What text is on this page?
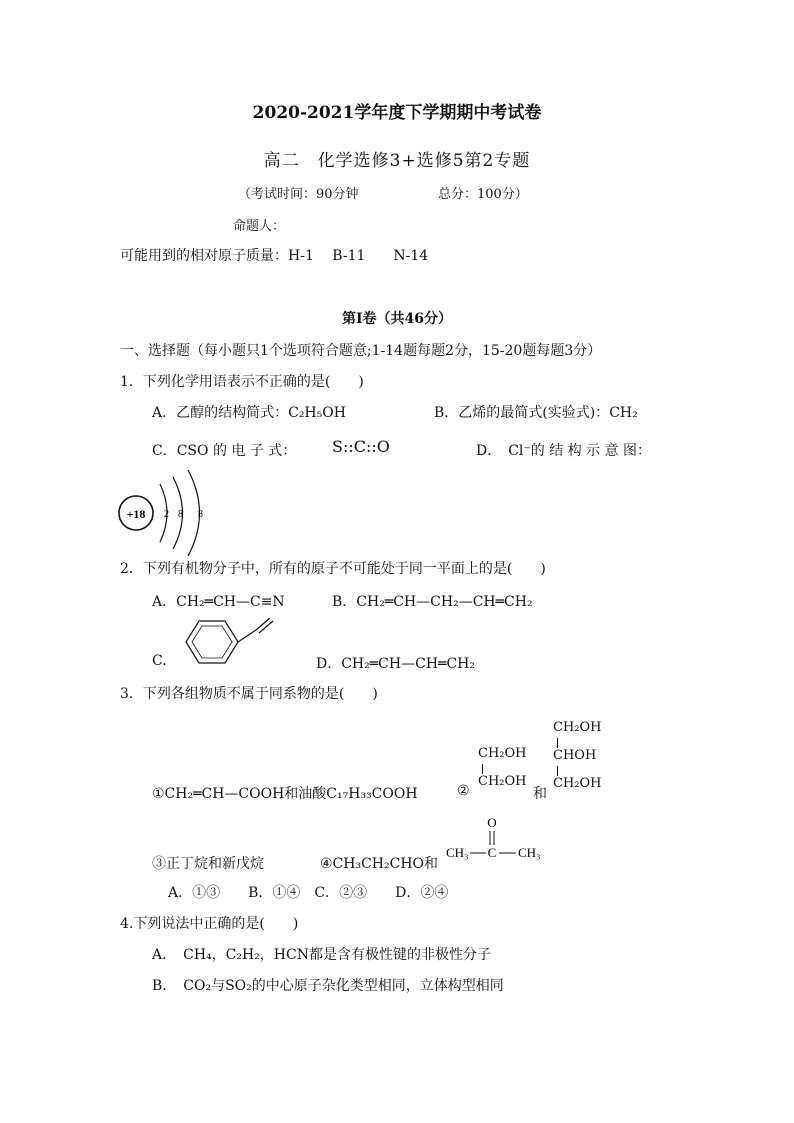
2020-2021学年度下学期期中考试卷
高二　化学选修3+选修5第2专题
（考试时间：90分钟	总分：100分）
命题人：
可能用到的相对原子质量：H-1　 B-11　　N-14
第Ⅰ卷（共46分）
一、选择题（每小题只1个选项符合题意;1-14题每题2分，15-20题每题3分）
1．下列化学用语表示不正确的是(　　)
A．乙醇的结构简式：C₂H₅OH	B．乙烯的最简式(实验式)：CH₂
C．CSO 的 电 子 式： S::C::O	D．　Cl⁻的 结 构 示 意 图：
+18 2 8 8
2．下列有机物分子中，所有的原子不可能处于同一平面上的是(　　)
A．CH₂═CH—C≡N	B．CH₂═CH—CH₂—CH═CH₂
C.	D．CH₂═CH—CH═CH₂
3．下列各组物质不属于同系物的是(　　)
CH₂OH
CHOH
CH₂OH
CH₂OH
CH₂OH
①CH₂═CH—COOH和油酸C₁₇H₃₃COOH	②	和
③正丁烷和新戊烷	④CH₃CH₂CHO和
O
CH₃ C CH₃
A．①③　　B．①④　C．②③　　D．②④
4.下列说法中正确的是(　　)
A．　CH₄，C₂H₂，HCN都是含有极性键的非极性分子
B．　CO₂与SO₂的中心原子杂化类型相同，立体构型相同
